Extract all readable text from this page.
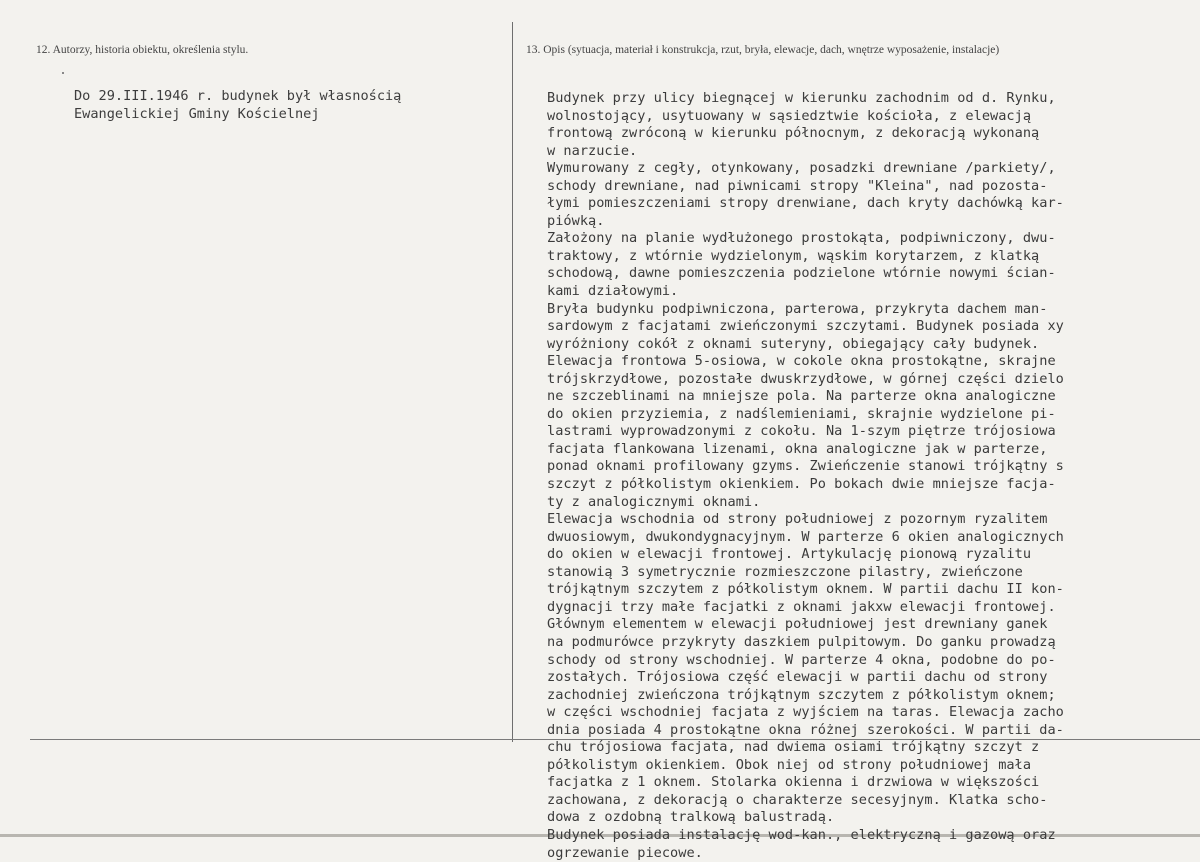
12. Autorzy, historia obiektu, określenia stylu.	13. Opis (sytuacja, materiał i konstrukcja, rzut, bryła, elewacje, dach, wnętrze wyposażenie, instalacje)
Do 29.III.1946 r. budynek był własnością
Ewangelickiej Gminy Kościelnej
Budynek przy ulicy biegnącej w kierunku zachodnim od d. Rynku,
wolnostojący, usytuowany w sąsiedztwie kościoła, z elewacją
frontową zwróconą w kierunku północnym, z dekoracją wykonaną
w narzucie.
Wymurowany z cegły, otynkowany, posadzki drewniane /parkiety/,
schody drewniane, nad piwnicami stropy "Kleina", nad pozosta-
łymi pomieszczeniami stropy drenwiane, dach kryty dachówką kar-
piówką.
Założony na planie wydłużonego prostokąta, podpiwniczony, dwu-
traktowy, z wtórnie wydzielonym, wąskim korytarzem, z klatką
schodową, dawne pomieszczenia podzielone wtórnie nowymi ścian-
kami działowymi.
Bryła budynku podpiwniczona, parterowa, przykryta dachem man-
sardowym z facjatami zwieńczonymi szczytami. Budynek posiada xy
wyróżniony cokół z oknami suteryny, obiegający cały budynek.
Elewacja frontowa 5-osiowa, w cokole okna prostokątne, skrajne
trójskrzydłowe, pozostałe dwuskrzydłowe, w górnej części dzielo
ne szczeblinami na mniejsze pola. Na parterze okna analogiczne
do okien przyziemia, z nadślemieniami, skrajnie wydzielone pi-
lastrami wyprowadzonymi z cokołu. Na 1-szym piętrze trójosiowa
facjata flankowana lizenami, okna analogiczne jak w parterze,
ponad oknami profilowany gzyms. Zwieńczenie stanowi trójkątny s
szczyt z półkolistym okienkiem. Po bokach dwie mniejsze facja-
ty z analogicznymi oknami.
Elewacja wschodnia od strony południowej z pozornym ryzalitem
dwuosiowym, dwukondygnacyjnym. W parterze 6 okien analogicznych
do okien w elewacji frontowej. Artykulację pionową ryzalitu
stanowią 3 symetrycznie rozmieszczone pilastry, zwieńczone
trójkątnym szczytem z półkolistym oknem. W partii dachu II kon-
dygnacji trzy małe facjatki z oknami jakxw elewacji frontowej.
Głównym elementem w elewacji południowej jest drewniany ganek
na podmurówce przykryty daszkiem pulpitowym. Do ganku prowadzą
schody od strony wschodniej. W parterze 4 okna, podobne do po-
zostałych. Trójosiowa część elewacji w partii dachu od strony
zachodniej zwieńczona trójkątnym szczytem z półkolistym oknem;
w części wschodniej facjata z wyjściem na taras. Elewacja zacho
dnia posiada 4 prostokątne okna różnej szerokości. W partii da-
chu trójosiowa facjata, nad dwiema osiami trójkątny szczyt z
półkolistym okienkiem. Obok niej od strony południowej mała
facjatka z 1 oknem. Stolarka okienna i drzwiowa w większości
zachowana, z dekoracją o charakterze secesyjnym. Klatka scho-
dowa z ozdobną tralkową balustradą.
Budynek posiada instalację wod-kan., elektryczną i gazową oraz
ogrzewanie piecowe.
